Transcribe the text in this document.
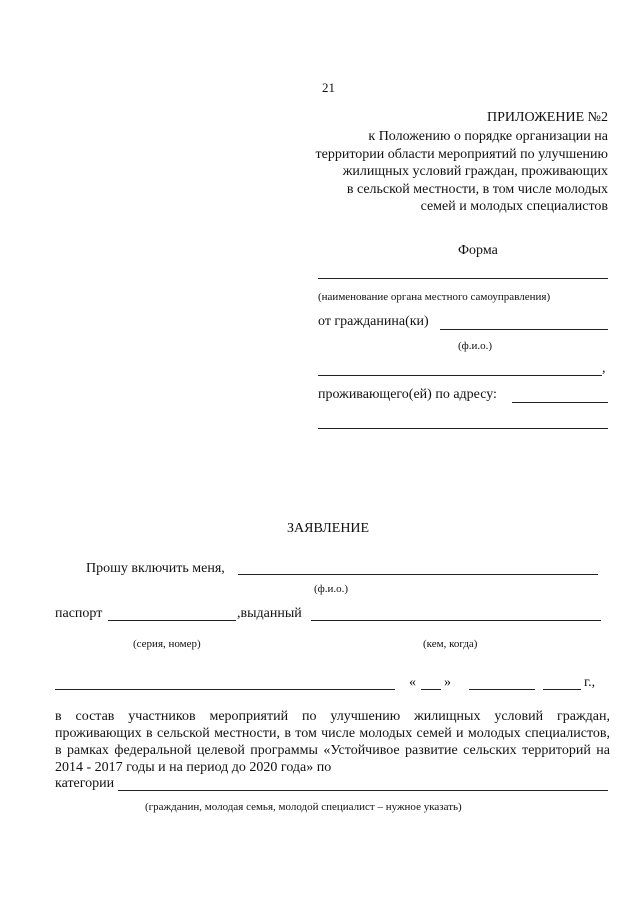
21
ПРИЛОЖЕНИЕ №2
к Положению о порядке организации на
территории области мероприятий по улучшению
жилищных условий граждан, проживающих
в сельской местности, в том числе молодых
семей и молодых специалистов
Форма
(наименование органа местного самоуправления)
от гражданина(ки)
(ф.и.о.)
,
проживающего(ей) по адресу:
ЗАЯВЛЕНИЕ
Прошу включить меня,
(ф.и.о.)
паспорт	,выданный
(серия, номер)	(кем, когда)
« »	г.,
в состав участников мероприятий по улучшению жилищных условий граждан, проживающих в сельской местности, в том числе молодых семей и молодых специалистов, в рамках федеральной целевой программы «Устойчивое развитие сельских территорий на 2014 - 2017 годы и на период до 2020 года» по
категории
(гражданин, молодая семья, молодой специалист – нужное указать)
